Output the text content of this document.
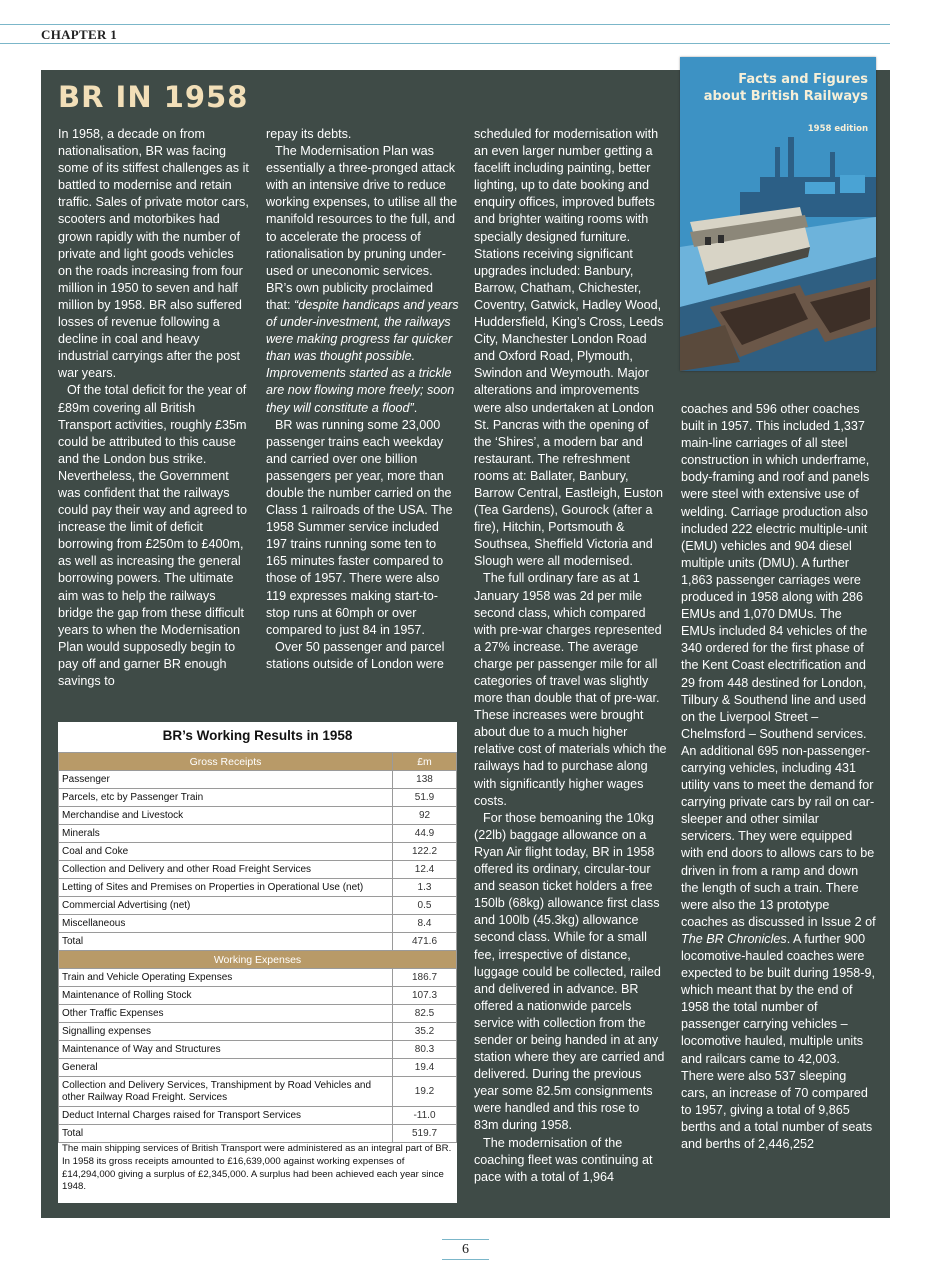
CHAPTER 1
BR IN 1958

In 1958, a decade on from nationalisation, BR was facing some of its stiffest challenges as it battled to modernise and retain traffic. Sales of private motor cars, scooters and motorbikes had grown rapidly with the number of private and light goods vehicles on the roads increasing from four million in 1950 to seven and half million by 1958. BR also suffered losses of revenue following a decline in coal and heavy industrial carryings after the post war years.

Of the total deficit for the year of £89m covering all British Transport activities, roughly £35m could be attributed to this cause and the London bus strike. Nevertheless, the Government was confident that the railways could pay their way and agreed to increase the limit of deficit borrowing from £250m to £400m, as well as increasing the general borrowing powers. The ultimate aim was to help the railways bridge the gap from these difficult years to when the Modernisation Plan would supposedly begin to pay off and garner BR enough savings to

repay its debts.

The Modernisation Plan was essentially a three-pronged attack with an intensive drive to reduce working expenses, to utilise all the manifold resources to the full, and to accelerate the process of rationalisation by pruning under-used or uneconomic services. BR’s own publicity proclaimed that: “despite handicaps and years of under-investment, the railways were making progress far quicker than was thought possible. Improvements started as a trickle are now flowing more freely; soon they will constitute a flood”.

BR was running some 23,000 passenger trains each weekday and carried over one billion passengers per year, more than double the number carried on the Class 1 railroads of the USA. The 1958 Summer service included 197 trains running some ten to 165 minutes faster compared to those of 1957. There were also 119 expresses making start-to-stop runs at 60mph or over compared to just 84 in 1957.

Over 50 passenger and parcel stations outside of London were

scheduled for modernisation with an even larger number getting a facelift including painting, better lighting, up to date booking and enquiry offices, improved buffets and brighter waiting rooms with specially designed furniture. Stations receiving significant upgrades included: Banbury, Barrow, Chatham, Chichester, Coventry, Gatwick, Hadley Wood, Huddersfield, King’s Cross, Leeds City, Manchester London Road and Oxford Road, Plymouth, Swindon and Weymouth. Major alterations and improvements were also undertaken at London St. Pancras with the opening of the ‘Shires’, a modern bar and restaurant. The refreshment rooms at: Ballater, Banbury, Barrow Central, Eastleigh, Euston (Tea Gardens), Gourock (after a fire), Hitchin, Portsmouth & Southsea, Sheffield Victoria and Slough were all modernised.

The full ordinary fare as at 1 January 1958 was 2d per mile second class, which compared with pre-war charges represented a 27% increase. The average charge per passenger mile for all categories of travel was slightly more than double that of pre-war. These increases were brought about due to a much higher relative cost of materials which the railways had to purchase along with significantly higher wages costs.

For those bemoaning the 10kg (22lb) baggage allowance on a Ryan Air flight today, BR in 1958 offered its ordinary, circular-tour and season ticket holders a free 150lb (68kg) allowance first class and 100lb (45.3kg) allowance second class. While for a small fee, irrespective of distance, luggage could be collected, railed and delivered in advance. BR offered a nationwide parcels service with collection from the sender or being handed in at any station where they are carried and delivered. During the previous year some 82.5m consignments were handled and this rose to 83m during 1958.

The modernisation of the coaching fleet was continuing at pace with a total of 1,964

coaches and 596 other coaches built in 1957. This included 1,337 main-line carriages of all steel construction in which underframe, body-framing and roof and panels were steel with extensive use of welding. Carriage production also included 222 electric multiple-unit (EMU) vehicles and 904 diesel multiple units (DMU). A further 1,863 passenger carriages were produced in 1958 along with 286 EMUs and 1,070 DMUs. The EMUs included 84 vehicles of the 340 ordered for the first phase of the Kent Coast electrification and 29 from 448 destined for London, Tilbury & Southend line and used on the Liverpool Street – Chelmsford – Southend services. An additional 695 non-passenger-carrying vehicles, including 431 utility vans to meet the demand for carrying private cars by rail on car-sleeper and other similar servicers. They were equipped with end doors to allows cars to be driven in from a ramp and down the length of such a train. There were also the 13 prototype coaches as discussed in Issue 2 of The BR Chronicles. A further 900 locomotive-hauled coaches were expected to be built during 1958-9, which meant that by the end of 1958 the total number of passenger carrying vehicles – locomotive hauled, multiple units and railcars came to 42,003. There were also 537 sleeping cars, an increase of 70 compared to 1957, giving a total of 9,865 berths and a total number of seats and berths of 2,446,252

Facts and Figures
about British Railways
1958 edition
BR’s Working Results in 1958
Gross Receipts	£m
Passenger	138
Parcels, etc by Passenger Train	51.9
Merchandise and Livestock	92
Minerals	44.9
Coal and Coke	122.2
Collection and Delivery and other Road Freight Services	12.4
Letting of Sites and Premises on Properties in Operational Use (net)	1.3
Commercial Advertising (net)	0.5
Miscellaneous	8.4
Total	471.6
Working Expenses	
Train and Vehicle Operating Expenses	186.7
Maintenance of Rolling Stock	107.3
Other Traffic Expenses	82.5
Signalling expenses	35.2
Maintenance of Way and Structures	80.3
General	19.4
Collection and Delivery Services, Transhipment by Road Vehicles and other Railway Road Freight. Services	19.2
Deduct Internal Charges raised for Transport Services	-11.0
Total	519.7
The main shipping services of British Transport were administered as an integral part of BR. In 1958 its gross receipts amounted to £16,639,000 against working expenses of £14,294,000 giving a surplus of £2,345,000. A surplus had been achieved each year since 1948.
6
